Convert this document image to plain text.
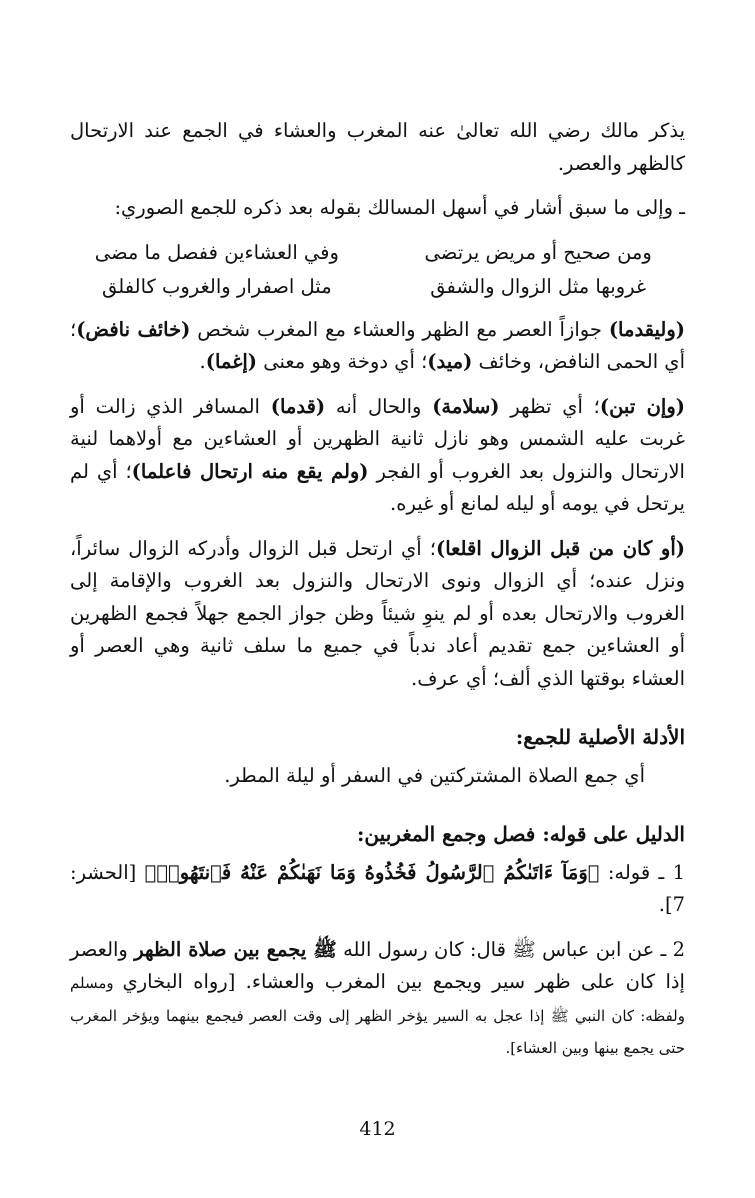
يذكر مالك رضي الله تعالىٰ عنه المغرب والعشاء في الجمع عند الارتحال كالظهر والعصر.

ـ وإلى ما سبق أشار في أسهل المسالك بقوله بعد ذكره للجمع الصوري:

ومن صحيح أو مريض يرتضى
وفي العشاءين ففصل ما مضى
غروبها مثل الزوال والشفق
مثل اصفرار والغروب كالفلق

(وليقدما) جوازاً العصر مع الظهر والعشاء مع المغرب شخص (خائف نافض)؛ أي الحمى النافض، وخائف (ميد)؛ أي دوخة وهو معنى (إغما).

(وإن تبن)؛ أي تظهر (سلامة) والحال أنه (قدما) المسافر الذي زالت أو غربت عليه الشمس وهو نازل ثانية الظهرين أو العشاءين مع أولاهما لنية الارتحال والنزول بعد الغروب أو الفجر (ولم يقع منه ارتحال فاعلما)؛ أي لم يرتحل في يومه أو ليله لمانع أو غيره.

(أو كان من قبل الزوال اقلعا)؛ أي ارتحل قبل الزوال وأدركه الزوال سائراً، ونزل عنده؛ أي الزوال ونوى الارتحال والنزول بعد الغروب والإقامة إلى الغروب والارتحال بعده أو لم ينوِ شيئاً وظن جواز الجمع جهلاً فجمع الظهرين أو العشاءين جمع تقديم أعاد ندباً في جميع ما سلف ثانية وهي العصر أو العشاء بوقتها الذي ألف؛ أي عرف.

الأدلة الأصلية للجمع:

أي جمع الصلاة المشتركتين في السفر أو ليلة المطر.

الدليل على قوله: فصل وجمع المغربين:

1 ـ قوله: ﴿وَمَآ ءَاتَىٰكُمُ ٱلرَّسُولُ فَخُذُوهُ وَمَا نَهَىٰكُمْ عَنْهُ فَٱنتَهُوا۟﴾ [الحشر: 7].

2 ـ عن ابن عباس ﷺ قال: كان رسول الله ﷺ يجمع بين صلاة الظهر والعصر إذا كان على ظهر سير ويجمع بين المغرب والعشاء. [رواه البخاري ومسلم ولفظه: كان النبي ﷺ إذا عجل به السير يؤخر الظهر إلى وقت العصر فيجمع بينهما ويؤخر المغرب حتى يجمع بينها وبين العشاء].

412
